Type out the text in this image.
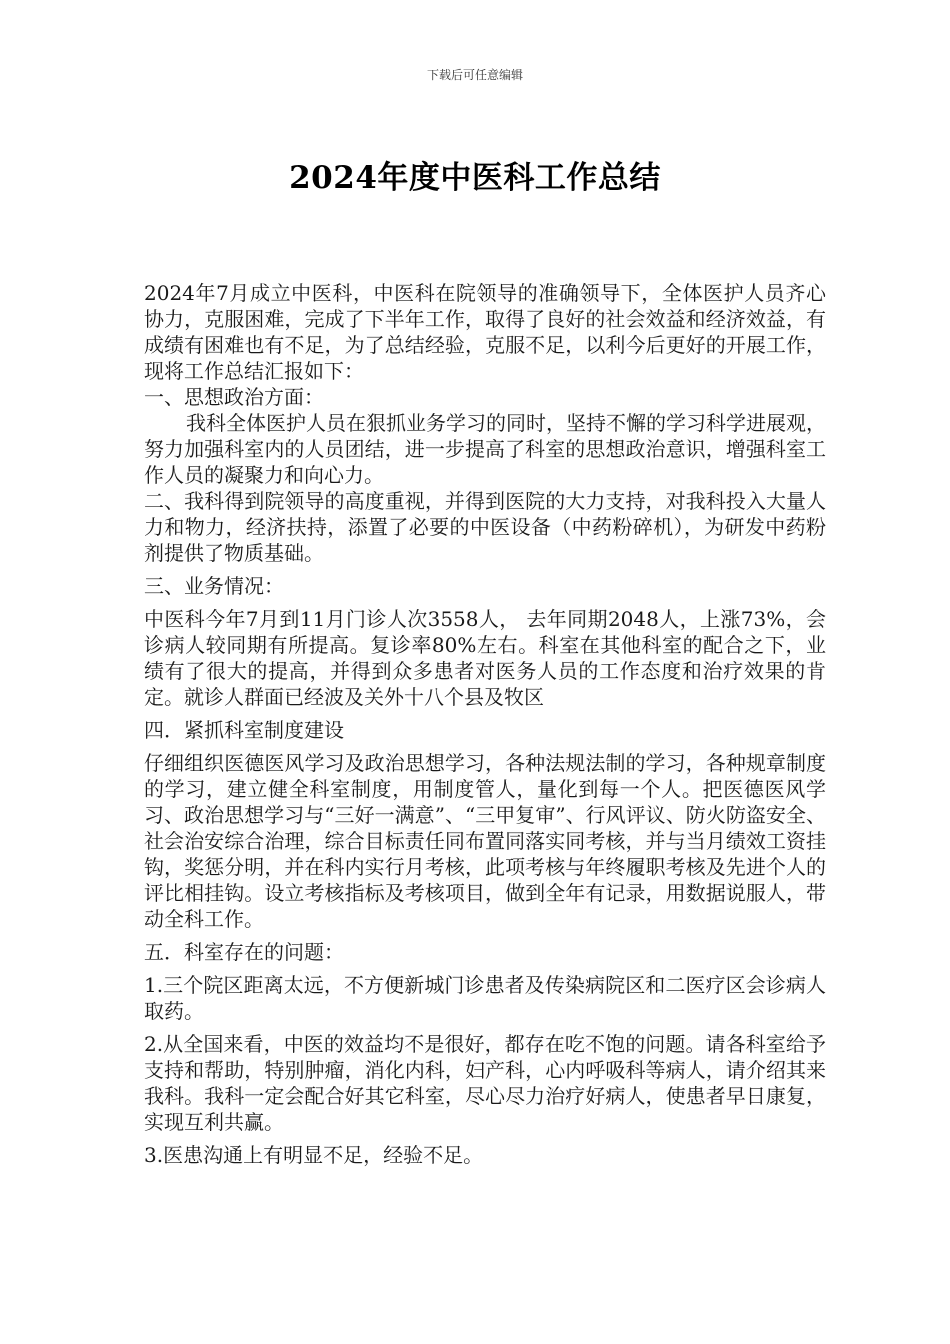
下载后可任意编辑
2024年度中医科工作总结

2024年7月成立中医科，中医科在院领导的准确领导下，全体医护人员齐心协力，克服困难，完成了下半年工作，取得了良好的社会效益和经济效益，有成绩有困难也有不足，为了总结经验，克服不足，以利今后更好的开展工作，现将工作总结汇报如下：

一、思想政治方面：

我科全体医护人员在狠抓业务学习的同时，坚持不懈的学习科学进展观，努力加强科室内的人员团结，进一步提高了科室的思想政治意识，增强科室工作人员的凝聚力和向心力。

二、我科得到院领导的高度重视，并得到医院的大力支持，对我科投入大量人力和物力，经济扶持，添置了必要的中医设备（中药粉碎机），为研发中药粉剂提供了物质基础。

三、业务情况：

中医科今年7月到11月门诊人次3558人， 去年同期2048人，上涨73%，会诊病人较同期有所提高。复诊率80%左右。科室在其他科室的配合之下，业绩有了很大的提高，并得到众多患者对医务人员的工作态度和治疗效果的肯定。就诊人群面已经波及关外十八个县及牧区

四．紧抓科室制度建设

仔细组织医德医风学习及政治思想学习，各种法规法制的学习，各种规章制度的学习，建立健全科室制度，用制度管人，量化到每一个人。把医德医风学习、政治思想学习与“三好一满意”、“三甲复审”、行风评议、防火防盗安全、社会治安综合治理，综合目标责任同布置同落实同考核，并与当月绩效工资挂钩，奖惩分明，并在科内实行月考核，此项考核与年终履职考核及先进个人的评比相挂钩。设立考核指标及考核项目，做到全年有记录，用数据说服人，带动全科工作。

五．科室存在的问题：

1.三个院区距离太远，不方便新城门诊患者及传染病院区和二医疗区会诊病人取药。

2.从全国来看，中医的效益均不是很好，都存在吃不饱的问题。请各科室给予支持和帮助，特别肿瘤，消化内科，妇产科，心内呼吸科等病人，请介绍其来我科。我科一定会配合好其它科室，尽心尽力治疗好病人，使患者早日康复，实现互利共赢。

3.医患沟通上有明显不足，经验不足。
